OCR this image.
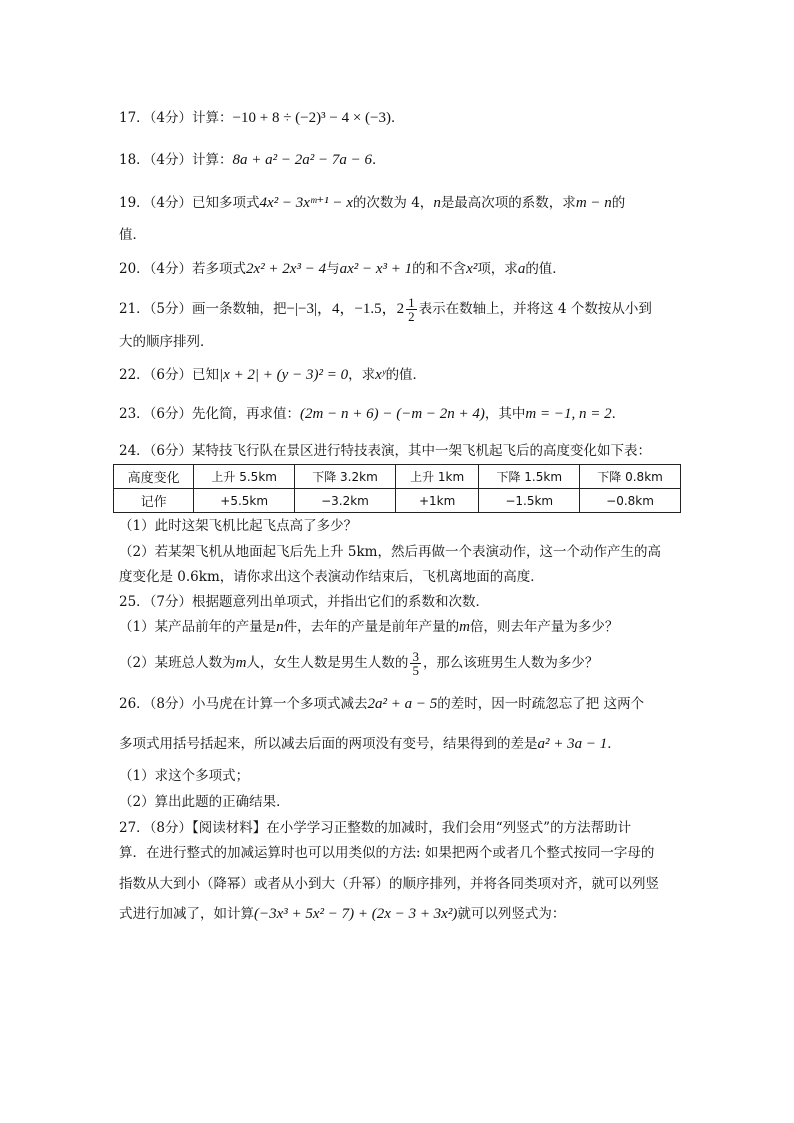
17．（4分）计算：−10 + 8 ÷ (−2)³ − 4 × (−3)．
18．（4分）计算：8a + a² − 2a² − 7a − 6．
19．（4分）已知多项式4x² − 3xᵐ⁺¹ − x的次数为 4，n是最高次项的系数，求m − n的
值．
20．（4分）若多项式2x² + 2x³ − 4与ax² − x³ + 1的和不含x²项，求a的值．
21．（5分）画一条数轴，把−|−3|，4，−1.5，$2 \frac{1}{2}$ 表示在数轴上，并将这 4 个数按从小到
大的顺序排列．
22．（6分）已知|x + 2| + (y − 3)² = 0，求xʸ的值．
23．（6分）先化简，再求值：(2m − n + 6) − (−m − 2n + 4)，其中m = −1, n = 2．
24．（6分）某特技飞行队在景区进行特技表演，其中一架飞机起飞后的高度变化如下表：
高度变化	上升 5.5km	下降 3.2km	上升 1km	下降 1.5km	下降 0.8km
记作	+5.5km	−3.2km	+1km	−1.5km	−0.8km
（1）此时这架飞机比起飞点高了多少？
（2）若某架飞机从地面起飞后先上升 5km，然后再做一个表演动作，这一个动作产生的高
度变化是 0.6km，请你求出这个表演动作结束后，飞机离地面的高度．
25．（7分）根据题意列出单项式，并指出它们的系数和次数．
（1）某产品前年的产量是n件，去年的产量是前年产量的m倍，则去年产量为多少？
（2）某班总人数为m人，女生人数是男生人数的 $\frac{3}{5}$ ，那么该班男生人数为多少？
26．（8分）小马虎在计算一个多项式减去2a² + a − 5的差时，因一时疏忽忘了把 这两个
多项式用括号括起来，所以减去后面的两项没有变号，结果得到的差是a² + 3a − 1．
（1）求这个多项式；
（2）算出此题的正确结果．
27．（8分）【阅读材料】在小学学习正整数的加减时，我们会用“列竖式”的方法帮助计
算．在进行整式的加减运算时也可以用类似的方法: 如果把两个或者几个整式按同一字母的
指数从大到小（降幂）或者从小到大（升幂）的顺序排列，并将各同类项对齐，就可以列竖
式进行加减了，如计算(−3x³ + 5x² − 7) + (2x − 3 + 3x²)就可以列竖式为：
